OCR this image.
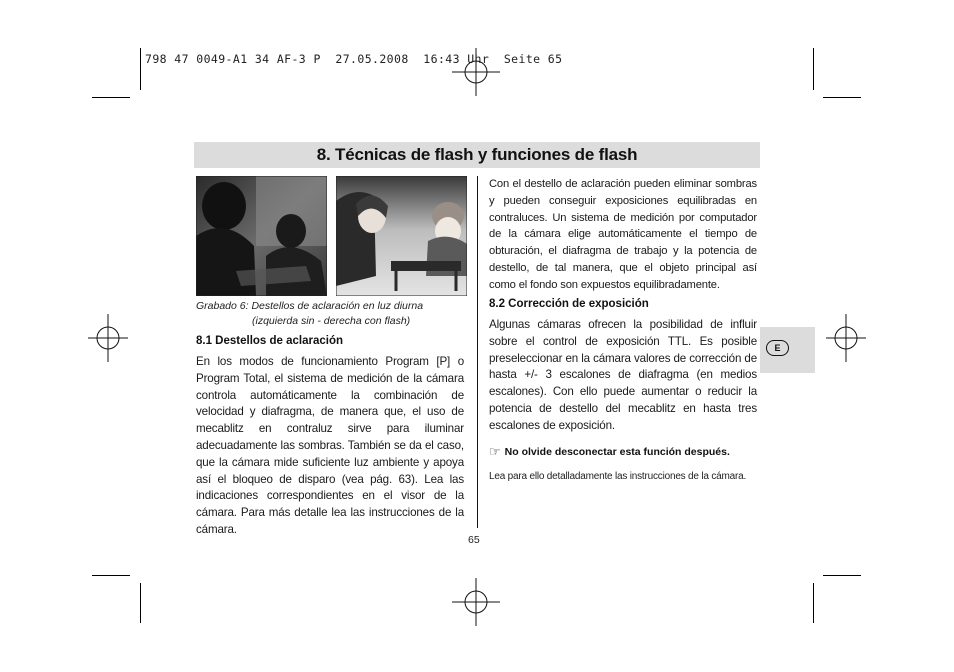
798 47 0049-A1 34 AF-3 P  27.05.2008  16:43 Uhr  Seite 65
8. Técnicas de flash y funciones de flash
Grabado 6: Destellos de aclaración en luz diurna
(izquierda sin - derecha con flash)
8.1 Destellos de aclaración
En los modos de funcionamiento Program [P] o Program Total, el sistema de medición de la cámara controla automáticamente la combinación de velocidad y diafragma, de manera que, el uso de mecablitz en contraluz sirve para iluminar adecuadamente las sombras. También se da el caso, que la cámara mide suficiente luz ambiente y apoya así el bloqueo de disparo (vea pág. 63). Lea las indicaciones correspondientes en el visor de la cámara. Para más detalle lea las instrucciones de la cámara.
Con el destello de aclaración pueden eliminar sombras y pueden conseguir exposiciones equilibradas en contraluces. Un sistema de medición por computador de la cámara elige automáticamente el tiempo de obturación, el diafragma de trabajo y la potencia de destello, de tal manera, que el objeto principal así como el fondo son expuestos equilibradamente.
8.2 Corrección de exposición
Algunas cámaras ofrecen la posibilidad de influir sobre el control de exposición TTL. Es posible preseleccionar en la cámara valores de corrección de hasta +/- 3 escalones de diafragma (en medios escalones). Con ello puede aumentar o reducir la potencia de destello del mecablitz en hasta tres escalones de exposición.
☞ No olvide desconectar esta función después.
Lea para ello detalladamente las instrucciones de la cámara.
E
65
